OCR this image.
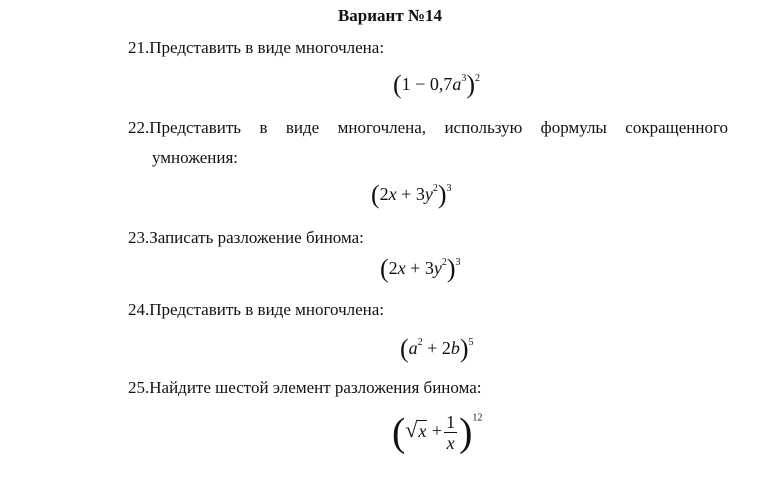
Вариант №14
21.Представить в виде многочлена:
$(1 - 0,7a^3)^2$
22.Представить в виде многочлена, использую формулы сокращенного
умножения:
$(2x + 3y^2)^3$
23.Записать разложение бинома:
$(2x + 3y^2)^3$
24.Представить в виде многочлена:
$(a^2 + 2b)^5$
25.Найдите шестой элемент разложения бинома:
$(√x + \frac{1}{x} )^{12}$
